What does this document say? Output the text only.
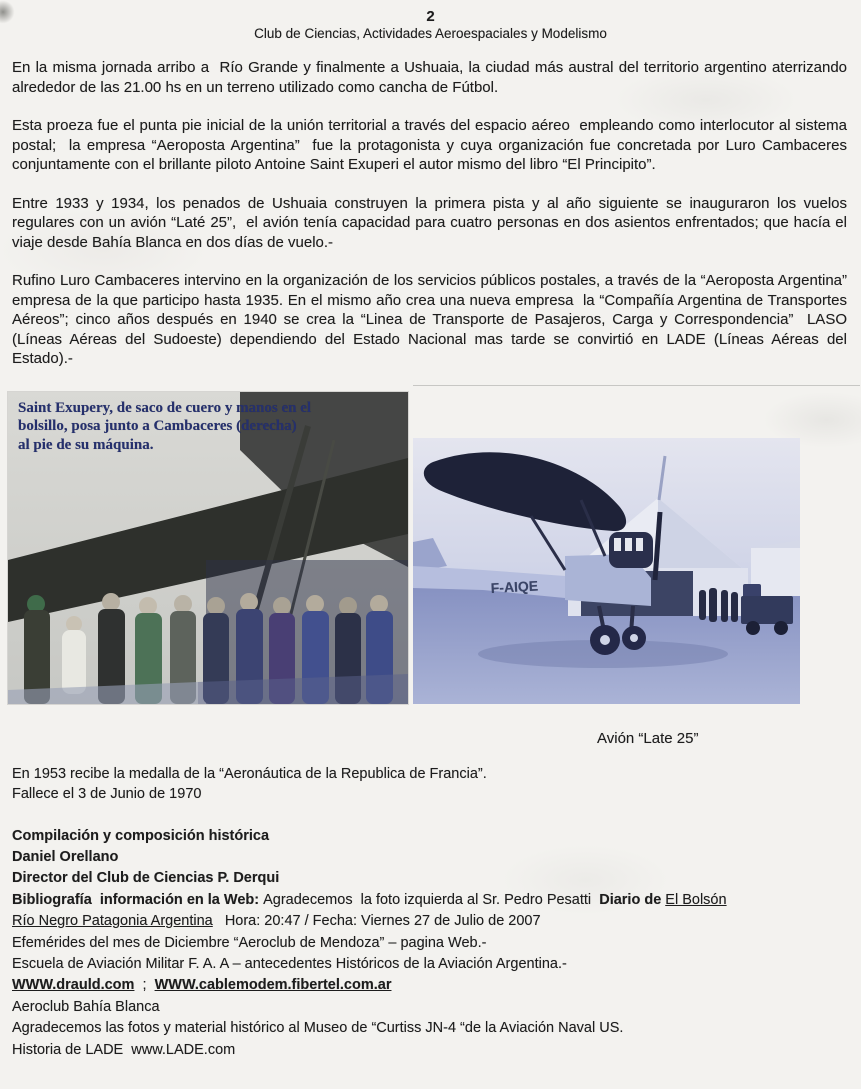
2
Club de Ciencias, Actividades Aeroespaciales y Modelismo
En la misma jornada arribo a  Río Grande y finalmente a Ushuaia, la ciudad más austral del territorio argentino aterrizando alrededor de las 21.00 hs en un terreno utilizado como cancha de Fútbol.
Esta proeza fue el punta pie inicial de la unión territorial a través del espacio aéreo  empleando como interlocutor al sistema postal;  la empresa “Aeroposta Argentina”  fue la protagonista y cuya organización fue concretada por Luro Cambaceres  conjuntamente con el brillante piloto Antoine Saint Exuperi el autor mismo del libro “El Principito”.
Entre 1933 y 1934, los penados de Ushuaia construyen la primera pista y al año siguiente se inauguraron los vuelos regulares con un avión “Laté 25”,  el avión tenía capacidad para cuatro personas en dos asientos enfrentados; que hacía el viaje desde Bahía Blanca en dos días de vuelo.-
Rufino Luro Cambaceres intervino en la organización de los servicios públicos postales, a través de la “Aeroposta Argentina”  empresa de la que participo hasta 1935. En el mismo año crea una nueva empresa  la “Compañía Argentina de Transportes Aéreos”; cinco años después en 1940 se crea la “Linea de Transporte de Pasajeros, Carga y Correspondencia”  LASO (Líneas Aéreas del Sudoeste) dependiendo del Estado Nacional mas tarde se convirtió en LADE (Líneas Aéreas del Estado).-
Saint Exupery, de saco de cuero y manos en el
bolsillo, posa junto a Cambaceres (derecha)
al pie de su máquina.
F-AIQE
Avión “Late 25”
En 1953 recibe la medalla de la “Aeronáutica de la Republica de Francia”.
Fallece el 3 de Junio de 1970
Compilación y composición histórica
Daniel Orellano
Director del Club de Ciencias P. Derqui
Bibliografía  información en la Web: Agradecemos  la foto izquierda al Sr. Pedro Pesatti  Diario de El Bolsón
Río Negro Patagonia Argentina   Hora: 20:47 / Fecha: Viernes 27 de Julio de 2007
Efemérides del mes de Diciembre “Aeroclub de Mendoza” – pagina Web.-
Escuela de Aviación Militar F. A. A – antecedentes Históricos de la Aviación Argentina.-
WWW.drauld.com  ;  WWW.cablemodem.fibertel.com.ar
Aeroclub Bahía Blanca
Agradecemos las fotos y material histórico al Museo de “Curtiss JN-4 “de la Aviación Naval US.
Historia de LADE  www.LADE.com
